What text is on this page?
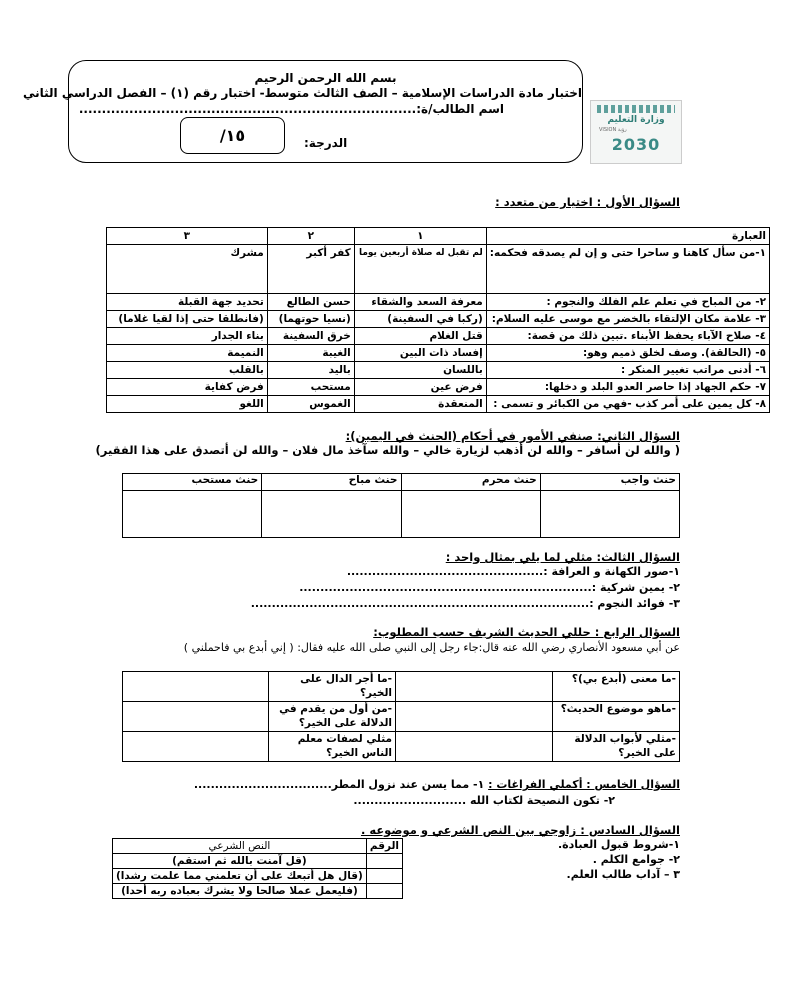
بسم الله الرحمن الرحيم
اختبار مادة الدراسات الإسلامية – الصف الثالث متوسط- اختبار رقم (١) – الفصل الدراسي الثاني
اسم الطالب/ة:..........................................................................
الدرجة:
١٥/
وزارة التعليم
VISION رؤية
2030
السؤال الأول : اختيار من متعدد :
العبارة	١	٢	٣
١-من سأل كاهنا و ساحرا حتى و إن لم يصدقه فحكمه:	لم تقبل له صلاة أربعين يوما	كفر أكبر	مشرك
٢- من المباح في تعلم علم الفلك والنجوم :	معرفة السعد والشقاء	حسن الطالع	تحديد جهة القبلة
٣- علامة مكان الإلتقاء بالخضر مع موسى عليه السلام:	(ركبا في السفينة)	(نسيا حوتهما)	(فانطلقا حتى إذا لقيا غلاما)
٤- صلاح الآباء يحفظ الأبناء .تبين ذلك من قصة:	قتل الغلام	خرق السفينة	بناء الجدار
٥- (الحالقة). وصف لخلق ذميم وهو:	إفساد ذات البين	الغيبة	النميمة
٦- أدنى مراتب تغيير المنكر :	باللسان	باليد	بالقلب
٧- حكم الجهاد إذا حاصر العدو البلد و دخلها:	فرض عين	مستحب	فرض كفاية
٨- كل يمين على أمر كذب -فهي من الكبائر و تسمى :	المنعقدة	الغموس	اللغو
السؤال الثاني: صنفي الأمور في أحكام (الحنث في اليمين):
( والله لن أسافر – والله لن أذهب لزيارة خالي – والله سآخذ مال فلان – والله لن أتصدق على هذا الفقير)
حنث واجب	حنث محرم	حنث مباح	حنث مستحب

السؤال الثالث: مثلي لما يلي بمثال واحد :
١-صور الكهانة و العرافة :...............................................
٢- يمين شركية :......................................................................
٣- فوائد النجوم :.................................................................................
السؤال الرابع : حللي الحديث الشريف حسب المطلوب:
عن أبي مسعود الأنصاري رضي الله عنه قال:جاء رجل إلى النبي صلى الله عليه فقال: ( إني أبدع بي فاحملني )
-ما معنى (أبدع بي)؟		-ما أجر الدال على الخير؟	
-ماهو موضوع الحديث؟		-من أول من يقدم في الدلالة على الخير؟	
-مثلي لأبواب الدلالة على الخير؟		مثلي لصفات معلم الناس الخير؟	
السؤال الخامس : أكملي الفراغات : ١- مما يسن عند نزول المطر.................................
٢- تكون النصيحة لكتاب الله ...........................
السؤال السادس : زاوجي بين النص الشرعي و موضوعه .
١-شروط قبول العبادة.
٢- جوامع الكلم .
٣ – آداب طالب العلم.
الرقم	النص الشرعي
	(قل آمنت بالله ثم استقم)
	(قال هل أتبعك على أن تعلمني مما علمت رشدا)
	(فليعمل عملا صالحا ولا يشرك بعباده ربه أحدا)
